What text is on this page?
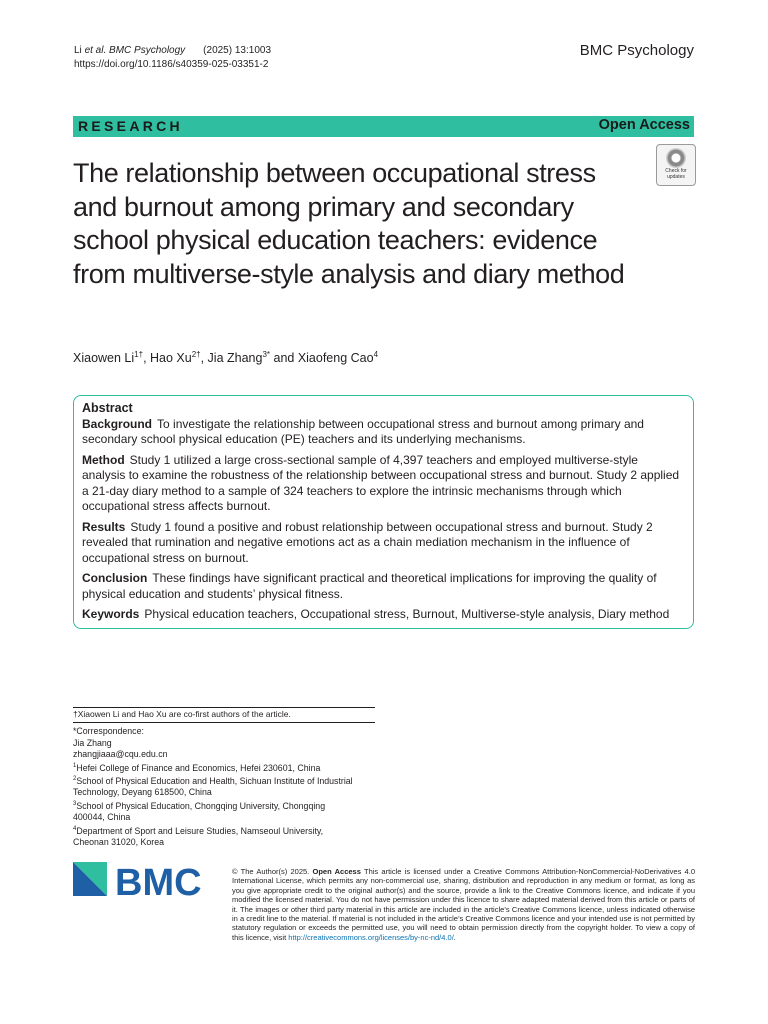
Li et al. BMC Psychology (2025) 13:1003
https://doi.org/10.1186/s40359-025-03351-2
BMC Psychology
RESEARCH	Open Access
The relationship between occupational stress and burnout among primary and secondary school physical education teachers: evidence from multiverse-style analysis and diary method
Check for
updates
Xiaowen $Li^{1\dagger}$, Hao $Xu^{2\dagger}$, Jia Zhang$^{3*}$ and Xiaofeng Cao$^4$
Abstract

Background To investigate the relationship between occupational stress and burnout among primary and secondary school physical education (PE) teachers and its underlying mechanisms.

Method Study 1 utilized a large cross-sectional sample of 4,397 teachers and employed multiverse-style analysis to examine the robustness of the relationship between occupational stress and burnout. Study 2 applied a 21-day diary method to a sample of 324 teachers to explore the intrinsic mechanisms through which occupational stress affects burnout.

Results Study 1 found a positive and robust relationship between occupational stress and burnout. Study 2 revealed that rumination and negative emotions act as a chain mediation mechanism in the influence of occupational stress on burnout.

Conclusion These findings have significant practical and theoretical implications for improving the quality of physical education and students’ physical fitness.

Keywords Physical education teachers, Occupational stress, Burnout, Multiverse-style analysis, Diary method

†Xiaowen Li and Hao Xu are co-first authors of the article.
*Correspondence:
Jia Zhang
zhangjiaaa@cqu.edu.cn
$^1$Hefei College of Finance and Economics, Hefei 230601, China
$^2$School of Physical Education and Health, Sichuan Institute of Industrial
Technology, Deyang 618500, China
$^3$School of Physical Education, Chongqing University, Chongqing
400044, China
$^4$Department of Sport and Leisure Studies, Namseoul University,
Cheonan 31020, Korea
BMC	© The Author(s) 2025. Open Access This article is licensed under a Creative Commons Attribution-NonCommercial-NoDerivatives 4.0 International License, which permits any non-commercial use, sharing, distribution and reproduction in any medium or format, as long as you give appropriate credit to the original author(s) and the source, provide a link to the Creative Commons licence, and indicate if you modified the licensed material. You do not have permission under this licence to share adapted material derived from this article or parts of it. The images or other third party material in this article are included in the article’s Creative Commons licence, unless indicated otherwise in a credit line to the material. If material is not included in the article’s Creative Commons licence and your intended use is not permitted by statutory regulation or exceeds the permitted use, you will need to obtain permission directly from the copyright holder. To view a copy of this licence, visit http://creativecommons.org/licenses/by-nc-nd/4.0/.
